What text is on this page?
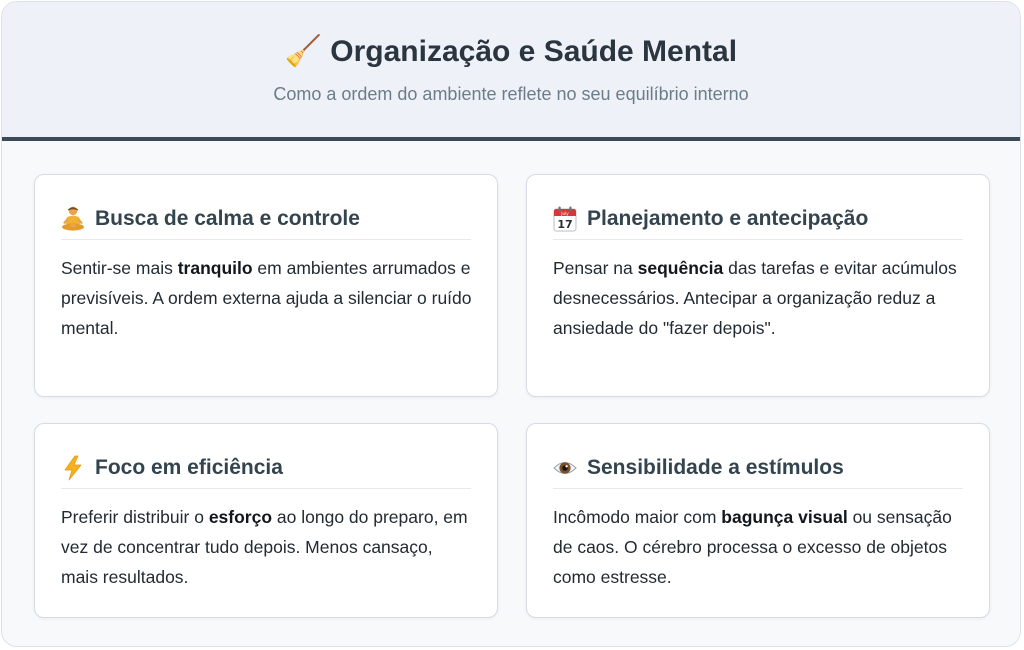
🧹 Organização e Saúde Mental
Como a ordem do ambiente reflete no seu equilíbrio interno
Busca de calma e controle
Sentir-se mais tranquilo em ambientes arrumados e previsíveis. A ordem externa ajuda a silenciar o ruído mental.
July
17 Planejamento e antecipação
Pensar na sequência das tarefas e evitar acúmulos desnecessários. Antecipar a organização reduz a ansiedade do "fazer depois".
Foco em eficiência
Preferir distribuir o esforço ao longo do preparo, em vez de concentrar tudo depois. Menos cansaço, mais resultados.
Sensibilidade a estímulos
Incômodo maior com bagunça visual ou sensação de caos. O cérebro processa o excesso de objetos como estresse.
